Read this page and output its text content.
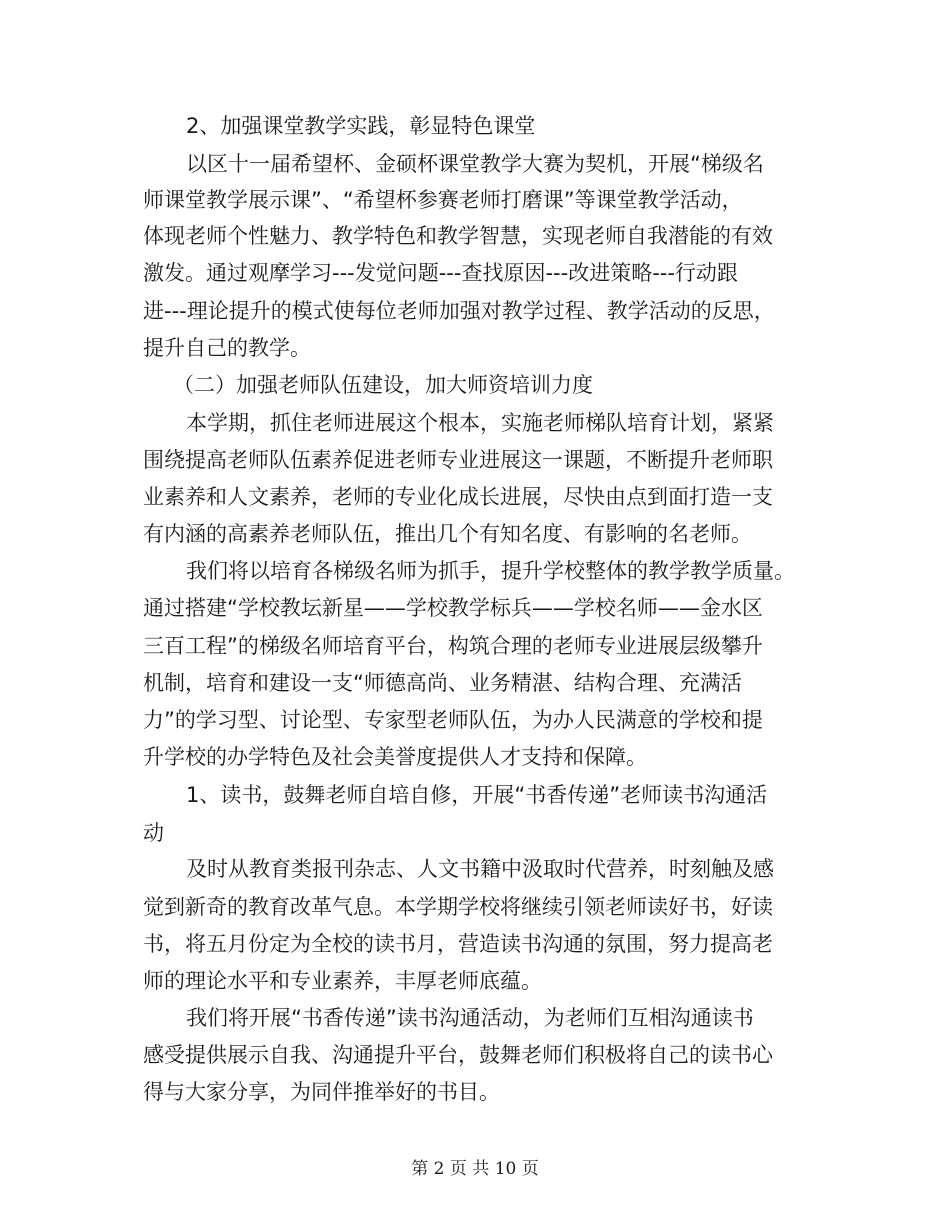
2、加强课堂教学实践，彰显特色课堂

以区十一届希望杯、金硕杯课堂教学大赛为契机，开展“梯级名

师课堂教学展示课”、“希望杯参赛老师打磨课”等课堂教学活动，

体现老师个性魅力、教学特色和教学智慧，实现老师自我潜能的有效

激发。通过观摩学习---发觉问题---查找原因---改进策略---行动跟

进---理论提升的模式使每位老师加强对教学过程、教学活动的反思，

提升自己的教学。

（二）加强老师队伍建设，加大师资培训力度

本学期，抓住老师进展这个根本，实施老师梯队培育计划，紧紧

围绕提高老师队伍素养促进老师专业进展这一课题，不断提升老师职

业素养和人文素养，老师的专业化成长进展，尽快由点到面打造一支

有内涵的高素养老师队伍，推出几个有知名度、有影响的名老师。

我们将以培育各梯级名师为抓手，提升学校整体的教学教学质量。

通过搭建“学校教坛新星——学校教学标兵——学校名师——金水区

三百工程”的梯级名师培育平台，构筑合理的老师专业进展层级攀升

机制，培育和建设一支“师德高尚、业务精湛、结构合理、充满活

力”的学习型、讨论型、专家型老师队伍，为办人民满意的学校和提

升学校的办学特色及社会美誉度提供人才支持和保障。

1、读书，鼓舞老师自培自修，开展“书香传递”老师读书沟通活

动

及时从教育类报刊杂志、人文书籍中汲取时代营养，时刻触及感

觉到新奇的教育改革气息。本学期学校将继续引领老师读好书，好读

书，将五月份定为全校的读书月，营造读书沟通的氛围，努力提高老

师的理论水平和专业素养，丰厚老师底蕴。

我们将开展“书香传递”读书沟通活动，为老师们互相沟通读书

感受提供展示自我、沟通提升平台，鼓舞老师们积极将自己的读书心

得与大家分享，为同伴推举好的书目。

第 2 页 共 10 页
